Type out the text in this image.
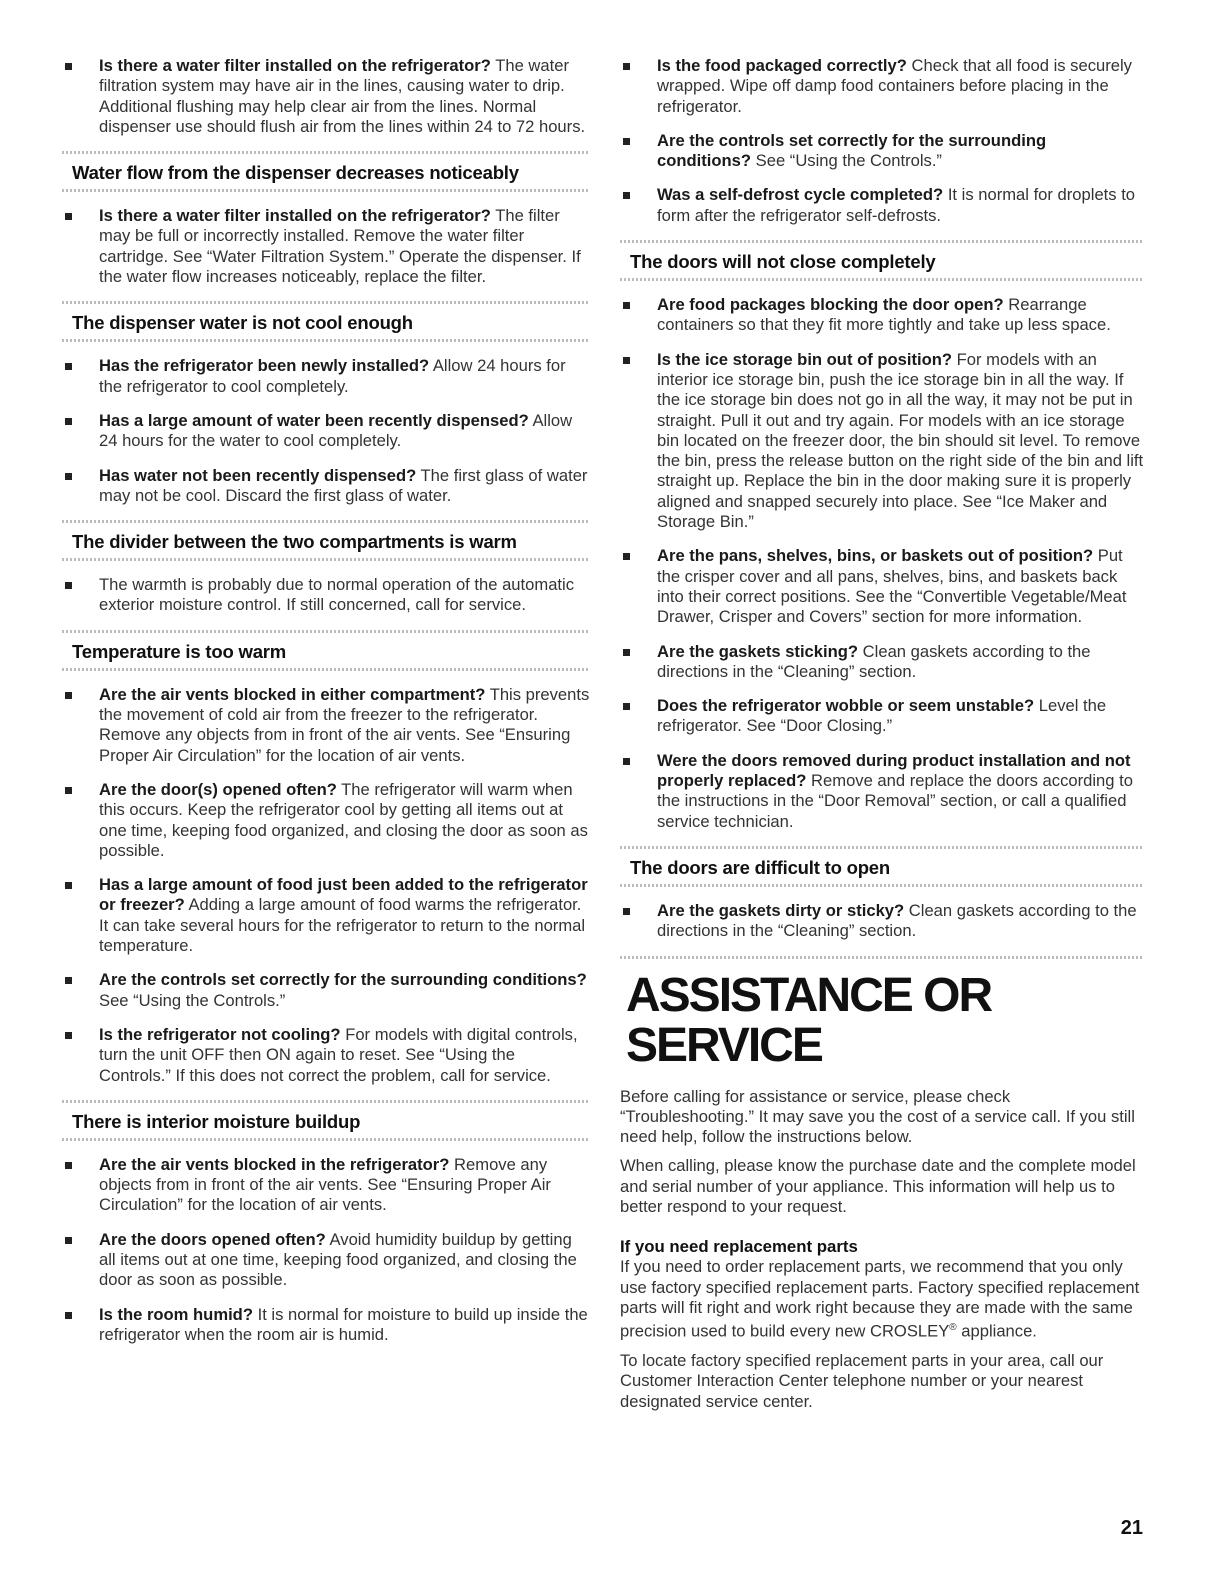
Is there a water filter installed on the refrigerator? The water filtration system may have air in the lines, causing water to drip. Additional flushing may help clear air from the lines. Normal dispenser use should flush air from the lines within 24 to 72 hours.
Water flow from the dispenser decreases noticeably
Is there a water filter installed on the refrigerator? The filter may be full or incorrectly installed. Remove the water filter cartridge. See “Water Filtration System.” Operate the dispenser. If the water flow increases noticeably, replace the filter.
The dispenser water is not cool enough
Has the refrigerator been newly installed? Allow 24 hours for the refrigerator to cool completely.
Has a large amount of water been recently dispensed? Allow 24 hours for the water to cool completely.
Has water not been recently dispensed? The first glass of water may not be cool. Discard the first glass of water.
The divider between the two compartments is warm
The warmth is probably due to normal operation of the automatic exterior moisture control. If still concerned, call for service.
Temperature is too warm
Are the air vents blocked in either compartment? This prevents the movement of cold air from the freezer to the refrigerator. Remove any objects from in front of the air vents. See “Ensuring Proper Air Circulation” for the location of air vents.
Are the door(s) opened often? The refrigerator will warm when this occurs. Keep the refrigerator cool by getting all items out at one time, keeping food organized, and closing the door as soon as possible.
Has a large amount of food just been added to the refrigerator or freezer? Adding a large amount of food warms the refrigerator. It can take several hours for the refrigerator to return to the normal temperature.
Are the controls set correctly for the surrounding conditions? See “Using the Controls.”
Is the refrigerator not cooling? For models with digital controls, turn the unit OFF then ON again to reset. See “Using the Controls.” If this does not correct the problem, call for service.
There is interior moisture buildup
Are the air vents blocked in the refrigerator? Remove any objects from in front of the air vents. See “Ensuring Proper Air Circulation” for the location of air vents.
Are the doors opened often? Avoid humidity buildup by getting all items out at one time, keeping food organized, and closing the door as soon as possible.
Is the room humid? It is normal for moisture to build up inside the refrigerator when the room air is humid.
Is the food packaged correctly? Check that all food is securely wrapped. Wipe off damp food containers before placing in the refrigerator.
Are the controls set correctly for the surrounding conditions? See “Using the Controls.”
Was a self-defrost cycle completed? It is normal for droplets to form after the refrigerator self-defrosts.
The doors will not close completely
Are food packages blocking the door open? Rearrange containers so that they fit more tightly and take up less space.
Is the ice storage bin out of position? For models with an interior ice storage bin, push the ice storage bin in all the way. If the ice storage bin does not go in all the way, it may not be put in straight. Pull it out and try again. For models with an ice storage bin located on the freezer door, the bin should sit level. To remove the bin, press the release button on the right side of the bin and lift straight up. Replace the bin in the door making sure it is properly aligned and snapped securely into place. See “Ice Maker and Storage Bin.”
Are the pans, shelves, bins, or baskets out of position? Put the crisper cover and all pans, shelves, bins, and baskets back into their correct positions. See the “Convertible Vegetable/Meat Drawer, Crisper and Covers” section for more information.
Are the gaskets sticking? Clean gaskets according to the directions in the “Cleaning” section.
Does the refrigerator wobble or seem unstable? Level the refrigerator. See “Door Closing.”
Were the doors removed during product installation and not properly replaced? Remove and replace the doors according to the instructions in the “Door Removal” section, or call a qualified service technician.
The doors are difficult to open
Are the gaskets dirty or sticky? Clean gaskets according to the directions in the “Cleaning” section.
ASSISTANCE OR SERVICE
Before calling for assistance or service, please check “Troubleshooting.” It may save you the cost of a service call. If you still need help, follow the instructions below.
When calling, please know the purchase date and the complete model and serial number of your appliance. This information will help us to better respond to your request.
If you need replacement parts
If you need to order replacement parts, we recommend that you only use factory specified replacement parts. Factory specified replacement parts will fit right and work right because they are made with the same precision used to build every new CROSLEY® appliance.
To locate factory specified replacement parts in your area, call our Customer Interaction Center telephone number or your nearest designated service center.
21
